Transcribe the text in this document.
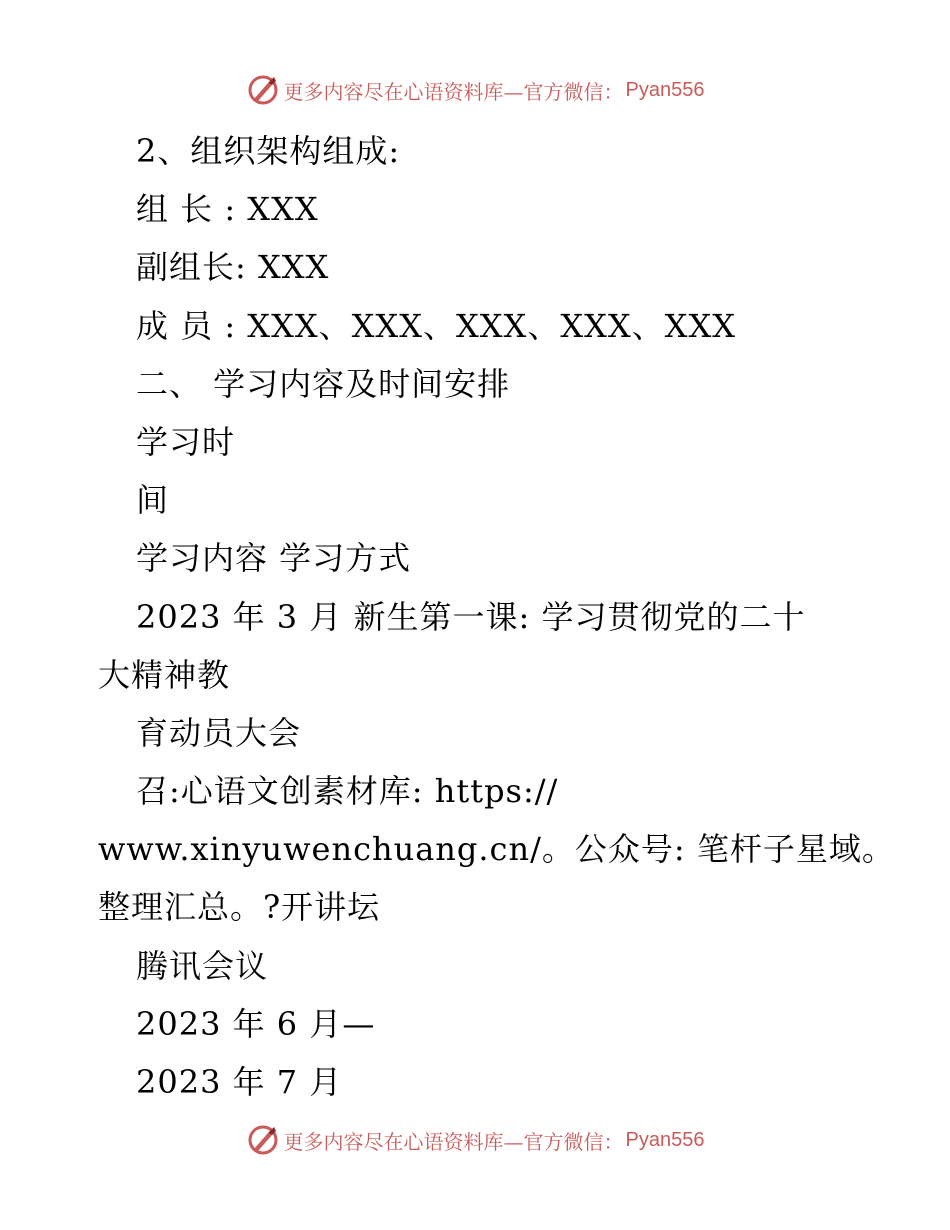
更多内容尽在心语资料库—官方微信： Pyan556
2、组织架构组成:
组 长 : XXX
副组长: XXX
成 员 : XXX、XXX、XXX、XXX、XXX
二、 学习内容及时间安排
学习时
间
学习内容 学习方式
2023 年 3 月 新生第一课: 学习贯彻党的二十
大精神教
育动员大会
召:心语文创素材库: https://
www.xinyuwenchuang.cn/。公众号: 笔杆子星域。
整理汇总。?开讲坛
腾讯会议
2023 年 6 月—
2023 年 7 月
更多内容尽在心语资料库—官方微信： Pyan556
